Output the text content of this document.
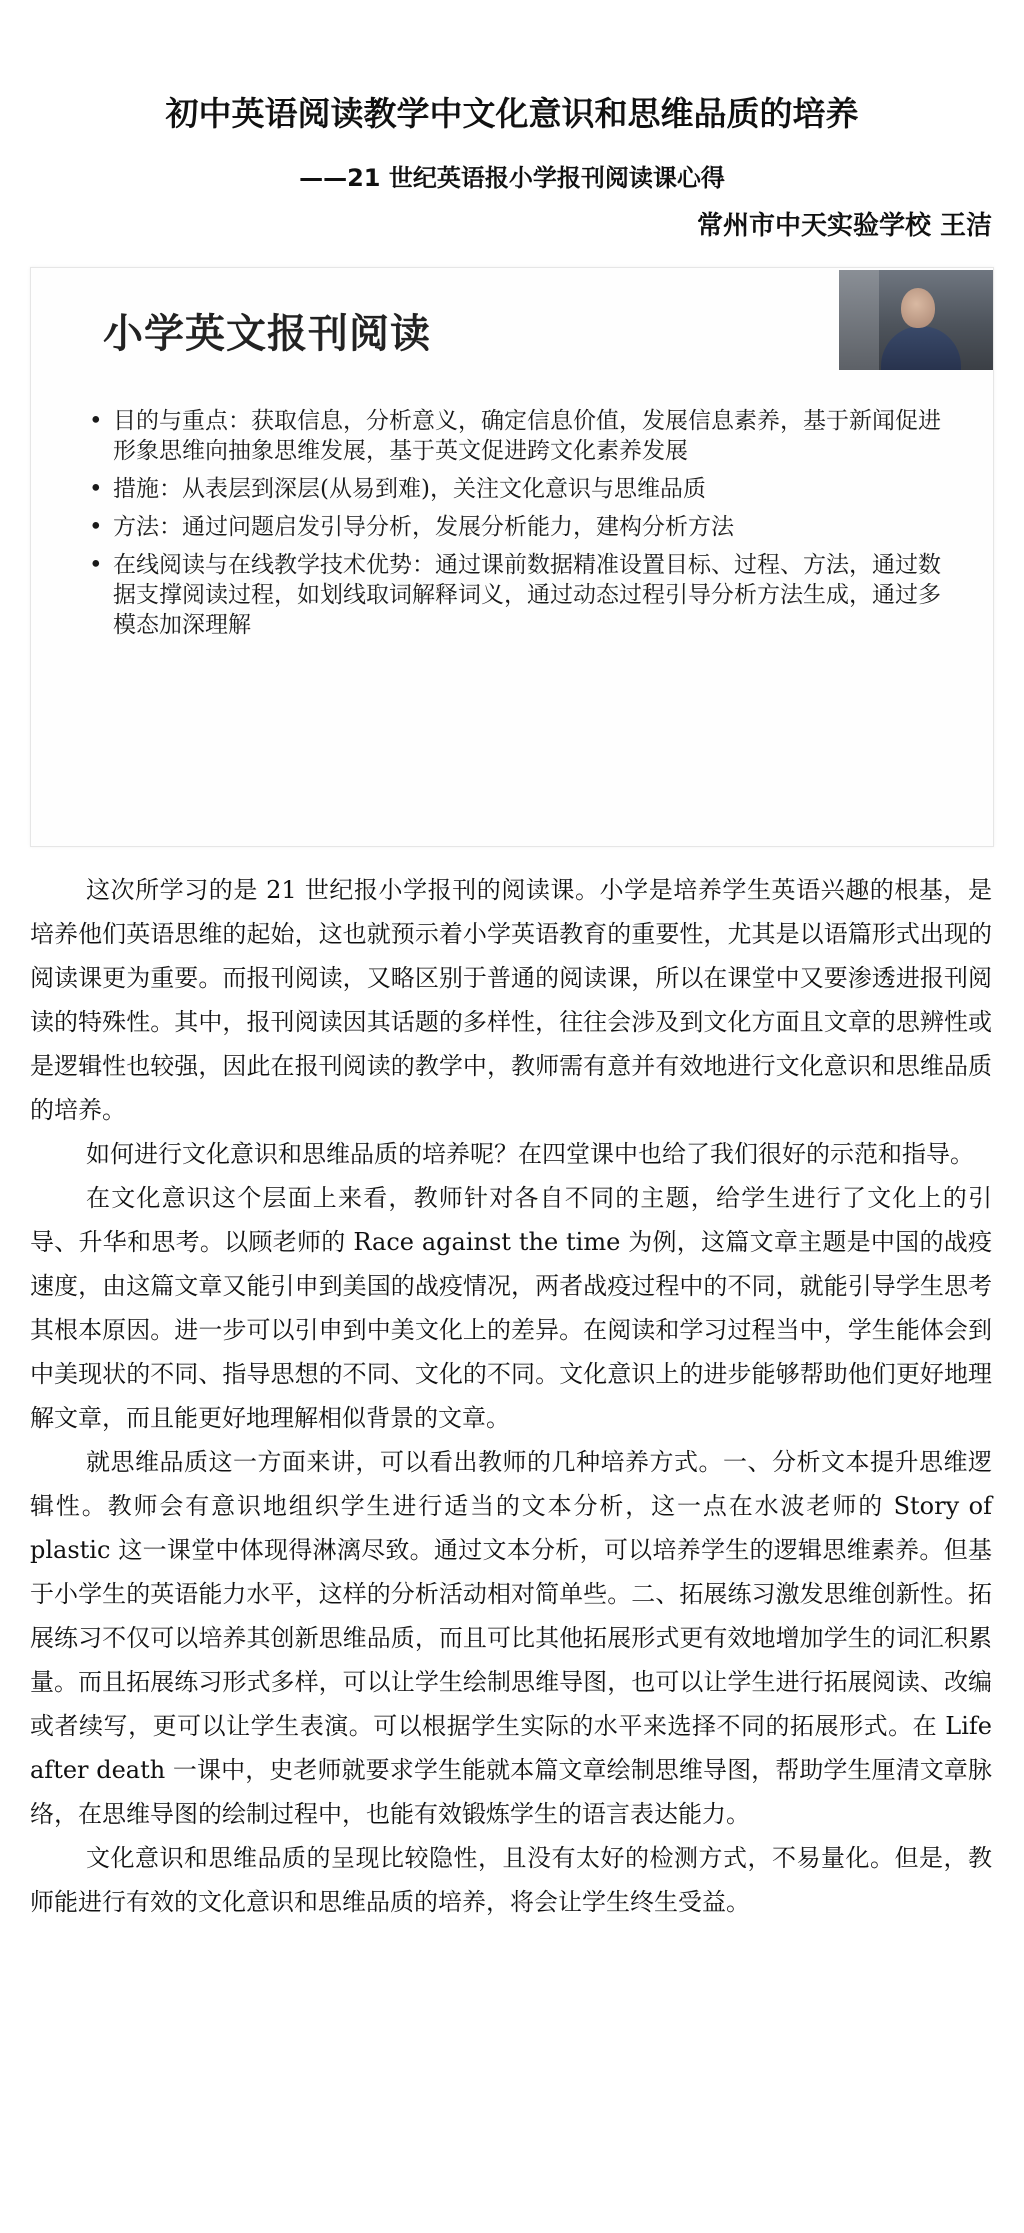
初中英语阅读教学中文化意识和思维品质的培养
——21 世纪英语报小学报刊阅读课心得
常州市中天实验学校 王洁
小学英文报刊阅读
• 目的与重点：获取信息，分析意义，确定信息价值，发展信息素养，基于新闻促进形象思维向抽象思维发展，基于英文促进跨文化素养发展
• 措施：从表层到深层(从易到难)，关注文化意识与思维品质
• 方法：通过问题启发引导分析，发展分析能力，建构分析方法
• 在线阅读与在线教学技术优势：通过课前数据精准设置目标、过程、方法，通过数据支撑阅读过程，如划线取词解释词义，通过动态过程引导分析方法生成，通过多模态加深理解

这次所学习的是 21 世纪报小学报刊的阅读课。小学是培养学生英语兴趣的根基，是培养他们英语思维的起始，这也就预示着小学英语教育的重要性，尤其是以语篇形式出现的阅读课更为重要。而报刊阅读，又略区别于普通的阅读课，所以在课堂中又要渗透进报刊阅读的特殊性。其中，报刊阅读因其话题的多样性，往往会涉及到文化方面且文章的思辨性或是逻辑性也较强，因此在报刊阅读的教学中，教师需有意并有效地进行文化意识和思维品质的培养。

如何进行文化意识和思维品质的培养呢？在四堂课中也给了我们很好的示范和指导。

在文化意识这个层面上来看，教师针对各自不同的主题，给学生进行了文化上的引导、升华和思考。以顾老师的 Race against the time 为例，这篇文章主题是中国的战疫速度，由这篇文章又能引申到美国的战疫情况，两者战疫过程中的不同，就能引导学生思考其根本原因。进一步可以引申到中美文化上的差异。在阅读和学习过程当中，学生能体会到中美现状的不同、指导思想的不同、文化的不同。文化意识上的进步能够帮助他们更好地理解文章，而且能更好地理解相似背景的文章。

就思维品质这一方面来讲，可以看出教师的几种培养方式。一、分析文本提升思维逻辑性。教师会有意识地组织学生进行适当的文本分析，这一点在水波老师的 Story of plastic 这一课堂中体现得淋漓尽致。通过文本分析，可以培养学生的逻辑思维素养。但基于小学生的英语能力水平，这样的分析活动相对简单些。二、拓展练习激发思维创新性。拓展练习不仅可以培养其创新思维品质，而且可比其他拓展形式更有效地增加学生的词汇积累量。而且拓展练习形式多样，可以让学生绘制思维导图，也可以让学生进行拓展阅读、改编或者续写，更可以让学生表演。可以根据学生实际的水平来选择不同的拓展形式。在 Life after death 一课中，史老师就要求学生能就本篇文章绘制思维导图，帮助学生厘清文章脉络，在思维导图的绘制过程中，也能有效锻炼学生的语言表达能力。

文化意识和思维品质的呈现比较隐性，且没有太好的检测方式，不易量化。但是，教师能进行有效的文化意识和思维品质的培养，将会让学生终生受益。
